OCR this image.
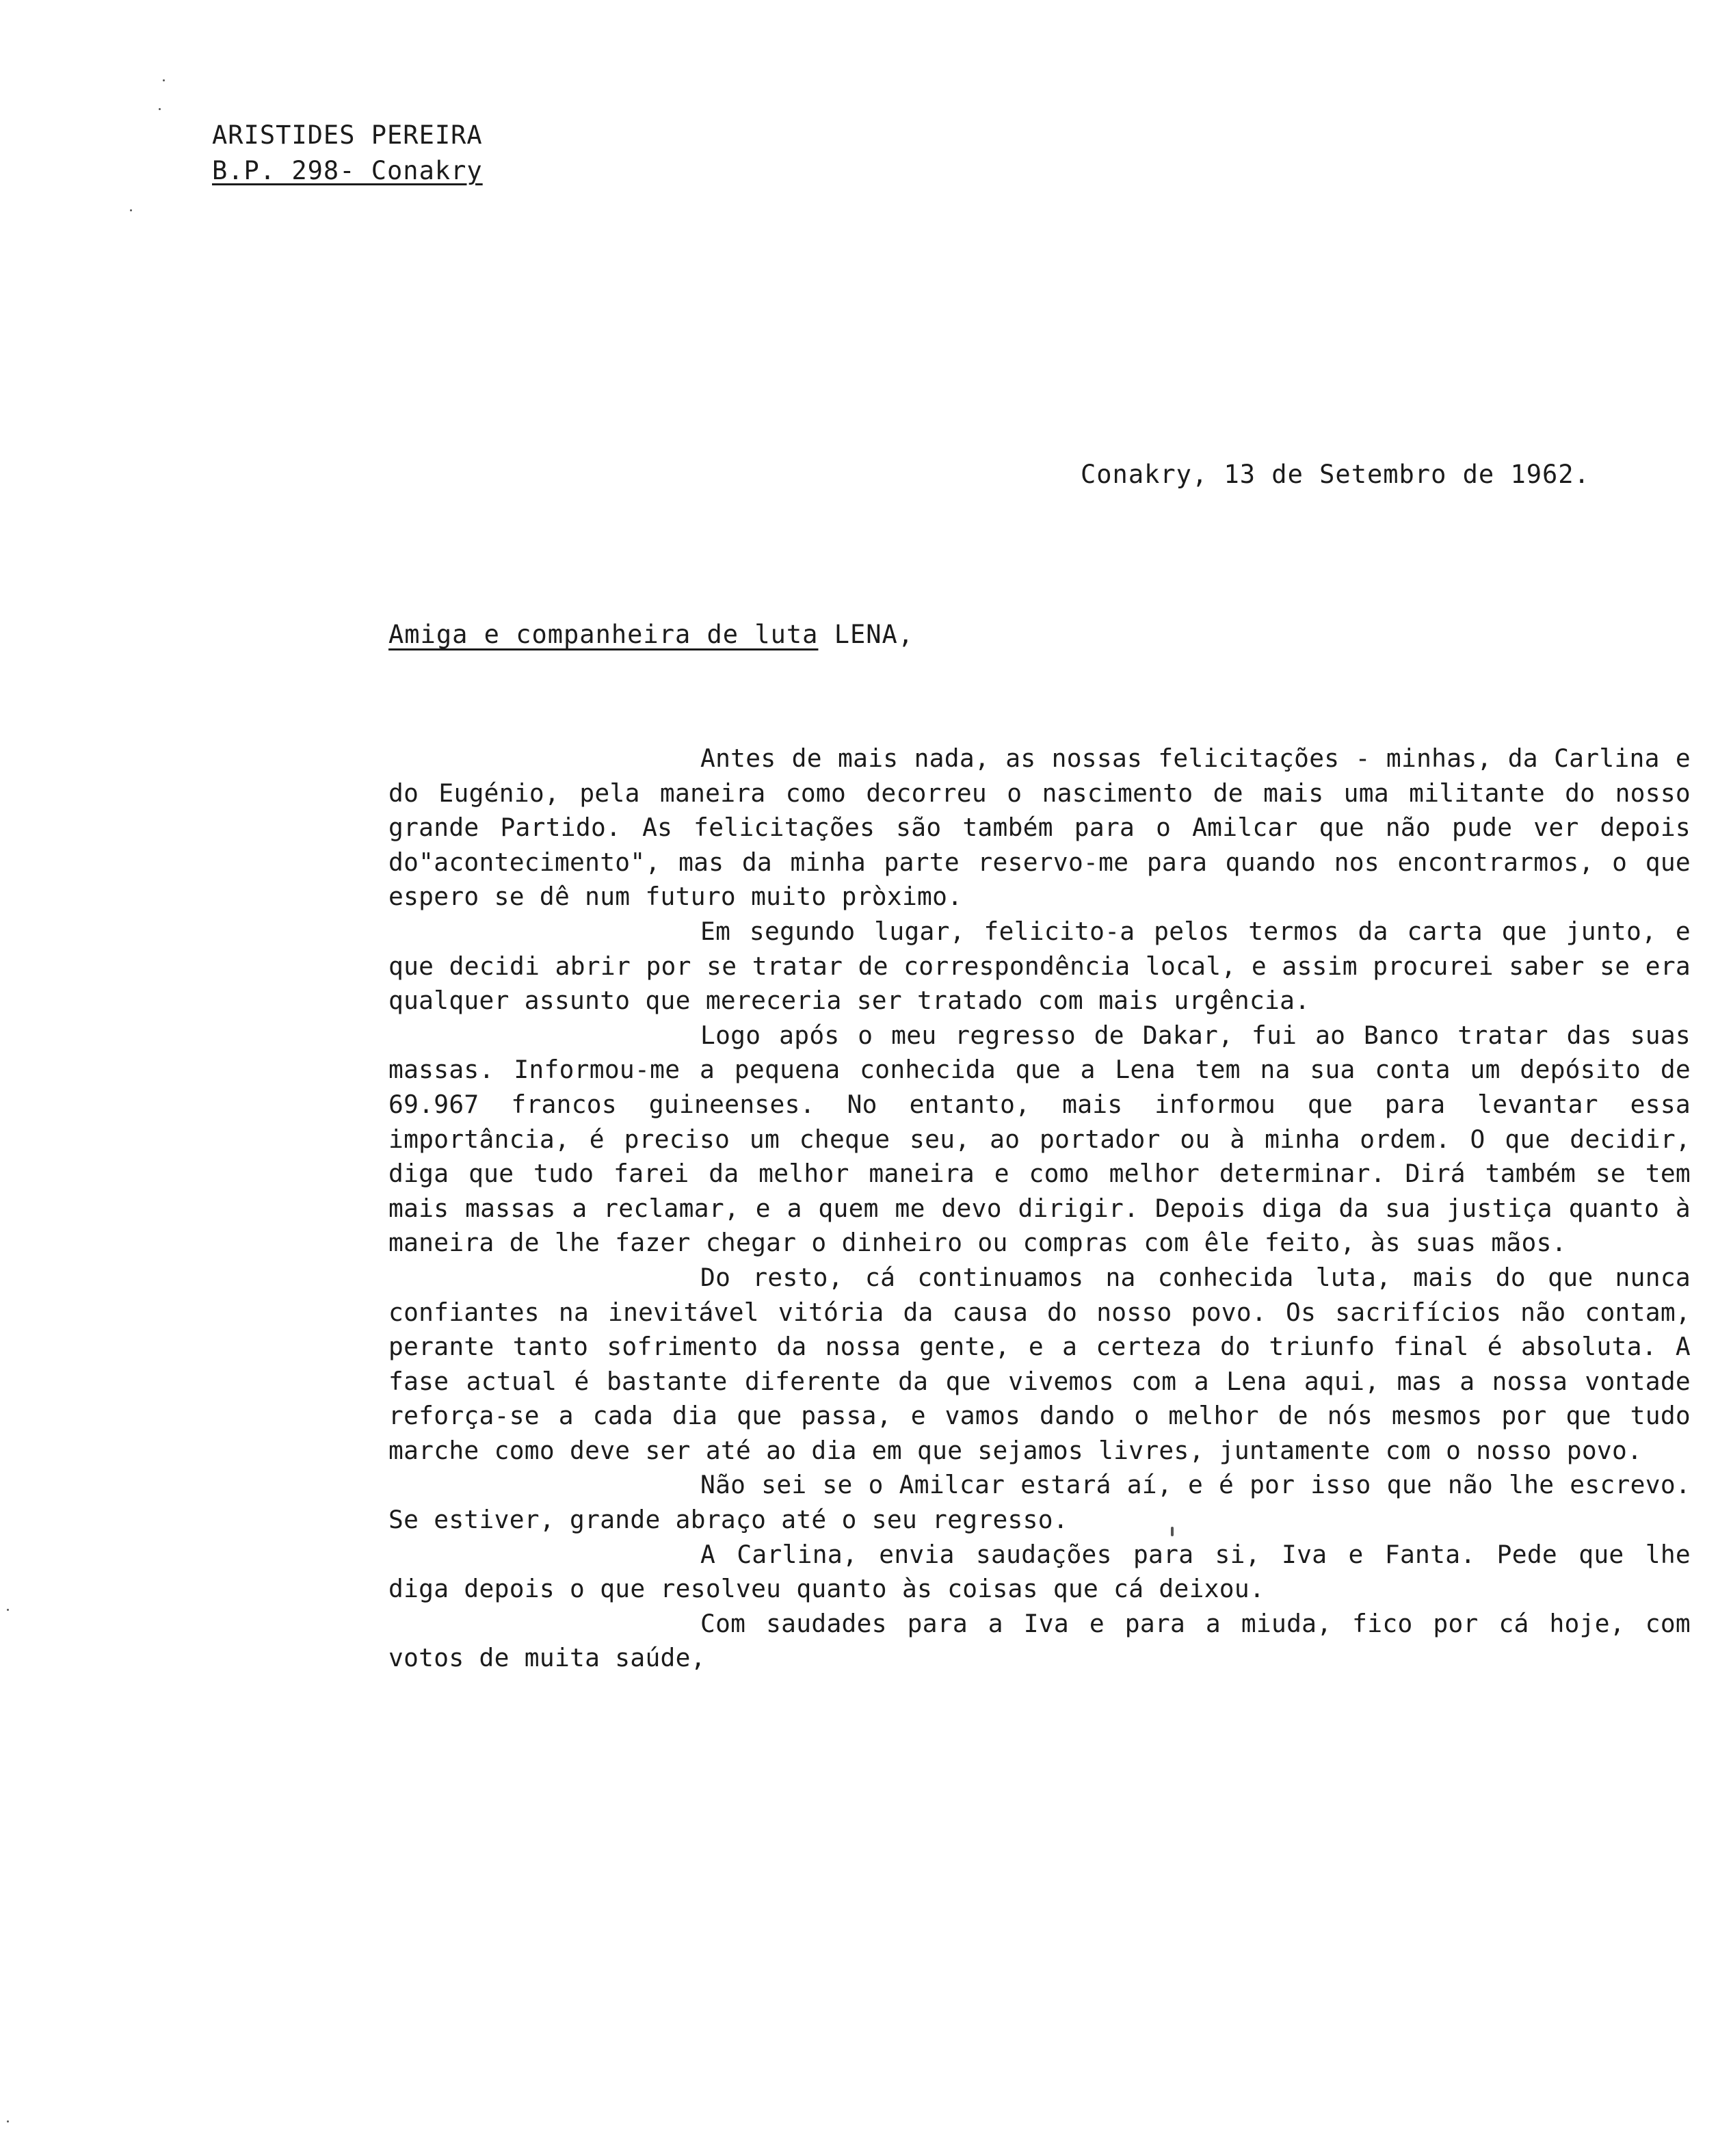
ARISTIDES PEREIRA
B.P. 298- Conakry
Conakry, 13 de Setembro de 1962.
Amiga e companheira de luta LENA,

Antes de mais nada, as nossas felicitações - minhas, da Carlina e do Eugénio, pela maneira como decorreu o nascimento de mais uma militante do nosso grande Partido. As felicitações são também para o Amilcar que não pude ver depois do"acontecimento", mas da minha parte reservo-me para quando nos encontrarmos, o que espero se dê num futuro muito pròximo.

Em segundo lugar, felicito-a pelos termos da carta que junto, e que decidi abrir por se tratar de correspondência local, e assim procurei saber se era qualquer assunto que mereceria ser tratado com mais urgência.

Logo após o meu regresso de Dakar, fui ao Banco tratar das suas massas. Informou-me a pequena conhecida que a Lena tem na sua conta um depósito de 69.967 francos guineenses. No entanto, mais informou que para levantar essa importância, é preciso um cheque seu, ao portador ou à minha ordem. O que decidir, diga que tudo farei da melhor maneira e como melhor determinar. Dirá também se tem mais massas a reclamar, e a quem me devo dirigir. Depois diga da sua justiça quanto à maneira de lhe fazer chegar o dinheiro ou compras com êle feito, às suas mãos.

Do resto, cá continuamos na conhecida luta, mais do que nunca confiantes na inevitável vitória da causa do nosso povo. Os sacrifícios não contam, perante tanto sofrimento da nossa gente, e a certeza do triunfo final é absoluta. A fase actual é bastante diferente da que vivemos com a Lena aqui, mas a nossa vontade reforça-se a cada dia que passa, e vamos dando o melhor de nós mesmos por que tudo marche como deve ser até ao dia em que sejamos livres, juntamente com o nosso povo.

Não sei se o Amilcar estará aí, e é por isso que não lhe escrevo. Se estiver, grande abraço até o seu regresso.

A Carlina, envia saudações para si, Iva e Fanta. Pede que lhe diga depois o que resolveu quanto às coisas que cá deixou.

Com saudades para a Iva e para a miuda, fico por cá hoje, com votos de muita saúde,
